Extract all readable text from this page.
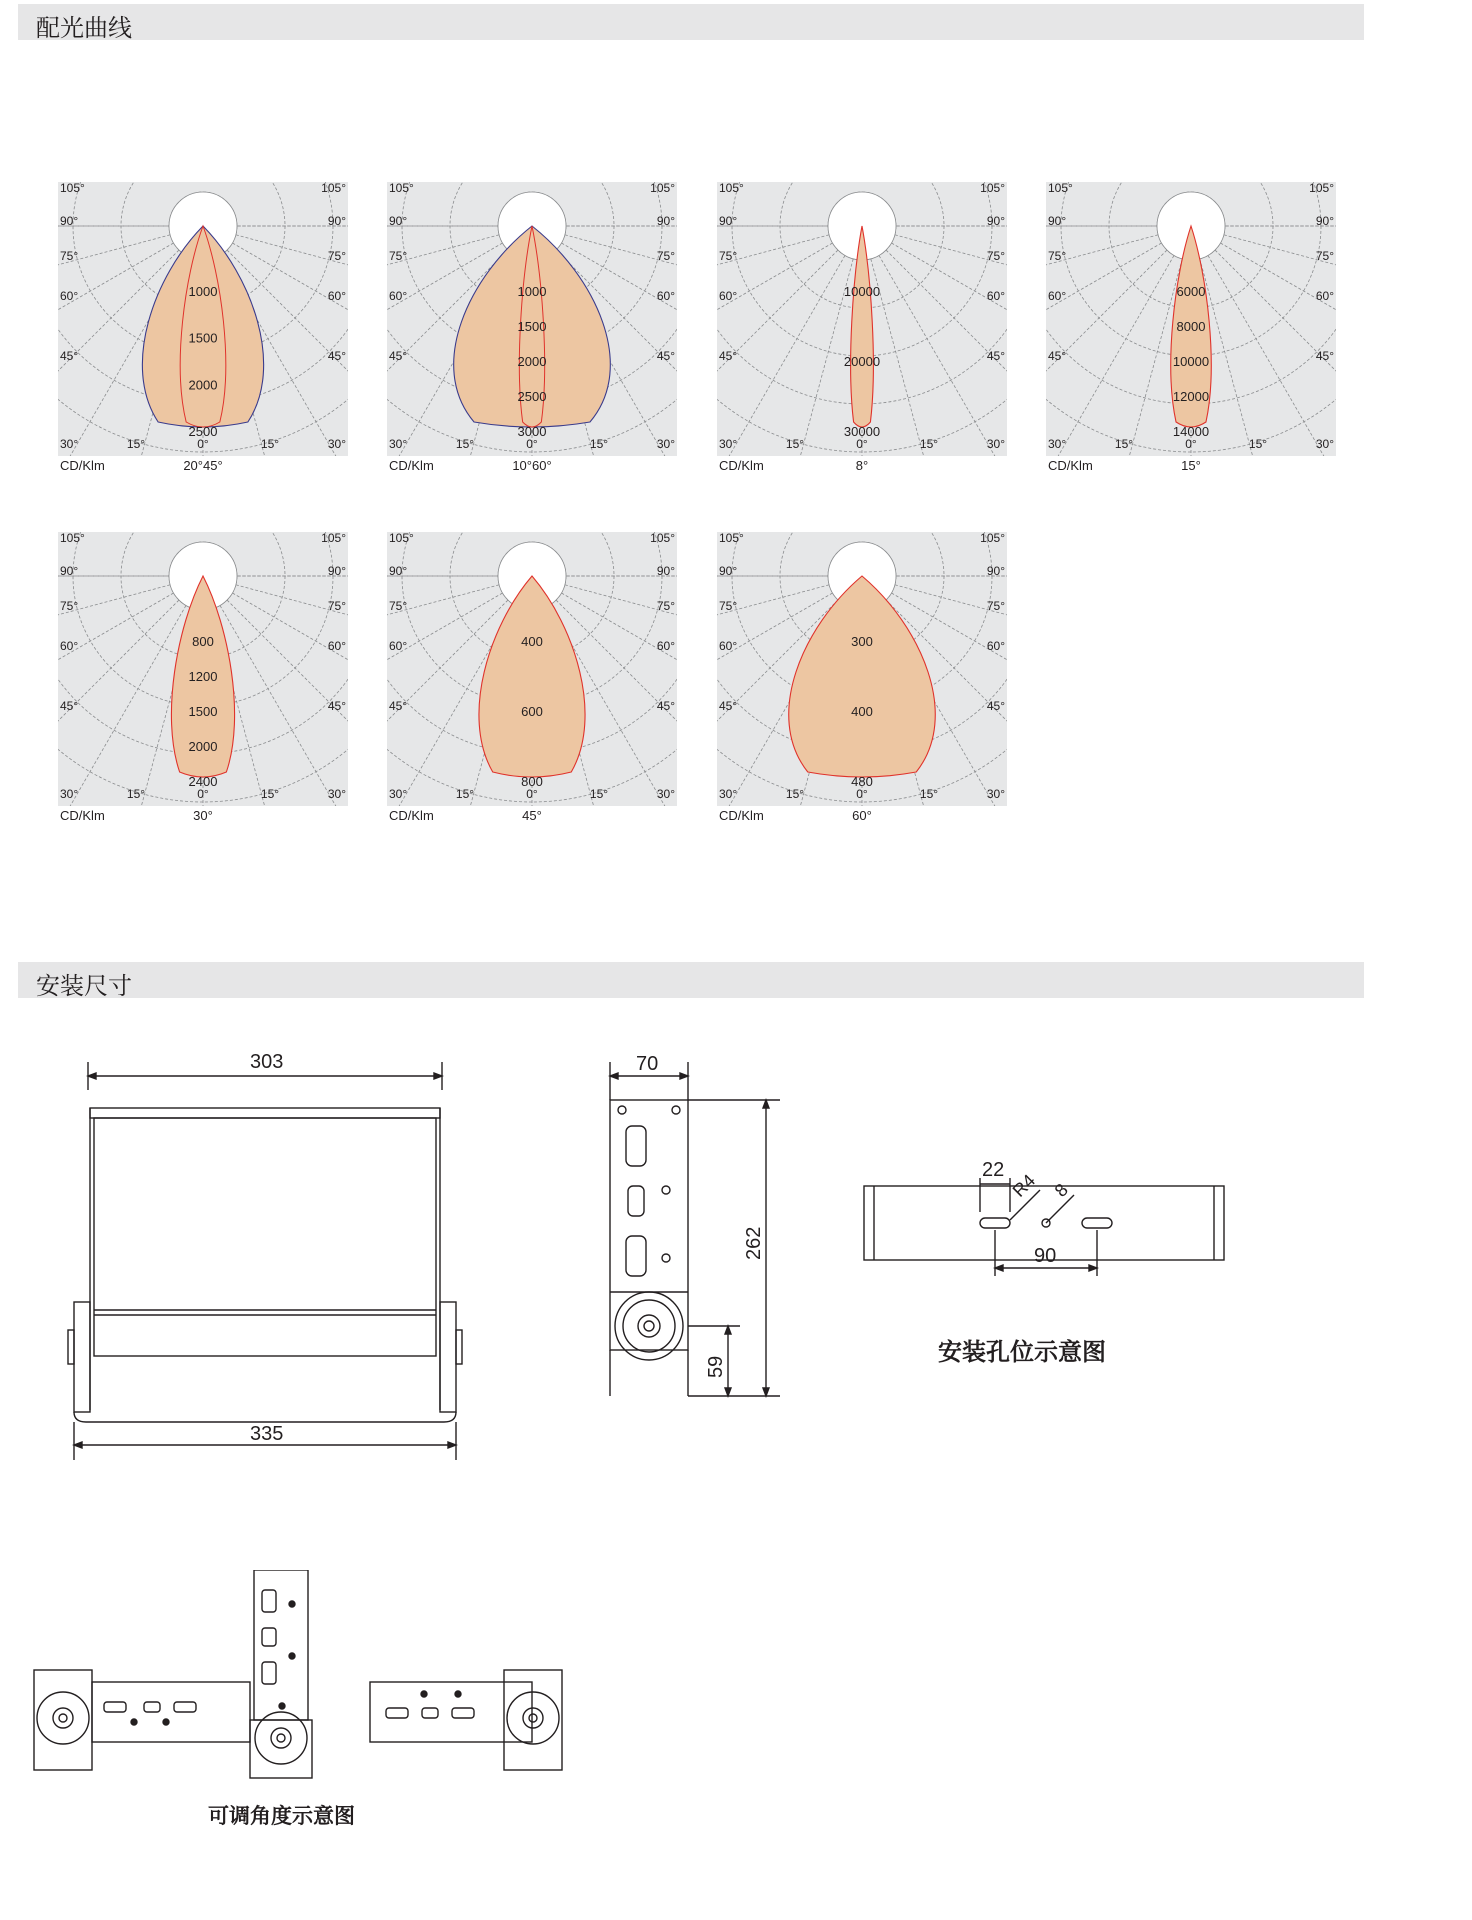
配光曲线
1000
1500
2000
2500
105°	105°
90°	90°
75°	75°
60°	60°
45°	45°
30°	30°
15°	0°	15°
CD/Klm	20°45°
1000
1500
2000
2500
3000
105°	105°
90°	90°
75°	75°
60°	60°
45°	45°
30°	30°
15°	0°	15°
CD/Klm	10°60°
10000
20000
30000
105°	105°
90°	90°
75°	75°
60°	60°
45°	45°
30°	30°
15°	0°	15°
CD/Klm	8°
6000
8000
10000
12000
14000
105°	105°
90°	90°
75°	75°
60°	60°
45°	45°
30°	30°
15°	0°	15°
CD/Klm	15°
800
1200
1500
2000
2400
105°	105°
90°	90°
75°	75°
60°	60°
45°	45°
30°	30°
15°	0°	15°
CD/Klm	30°
400
600
800
105°	105°
90°	90°
75°	75°
60°	60°
45°	45°
30°	30°
15°	0°	15°
CD/Klm	45°
300
400
480
105°	105°
90°	90°
75°	75°
60°	60°
45°	45°
30°	30°
15°	0°	15°
CD/Klm	60°
安装尺寸
303
335
70
262
59
22
R4 8
90
安装孔位示意图
可调角度示意图
